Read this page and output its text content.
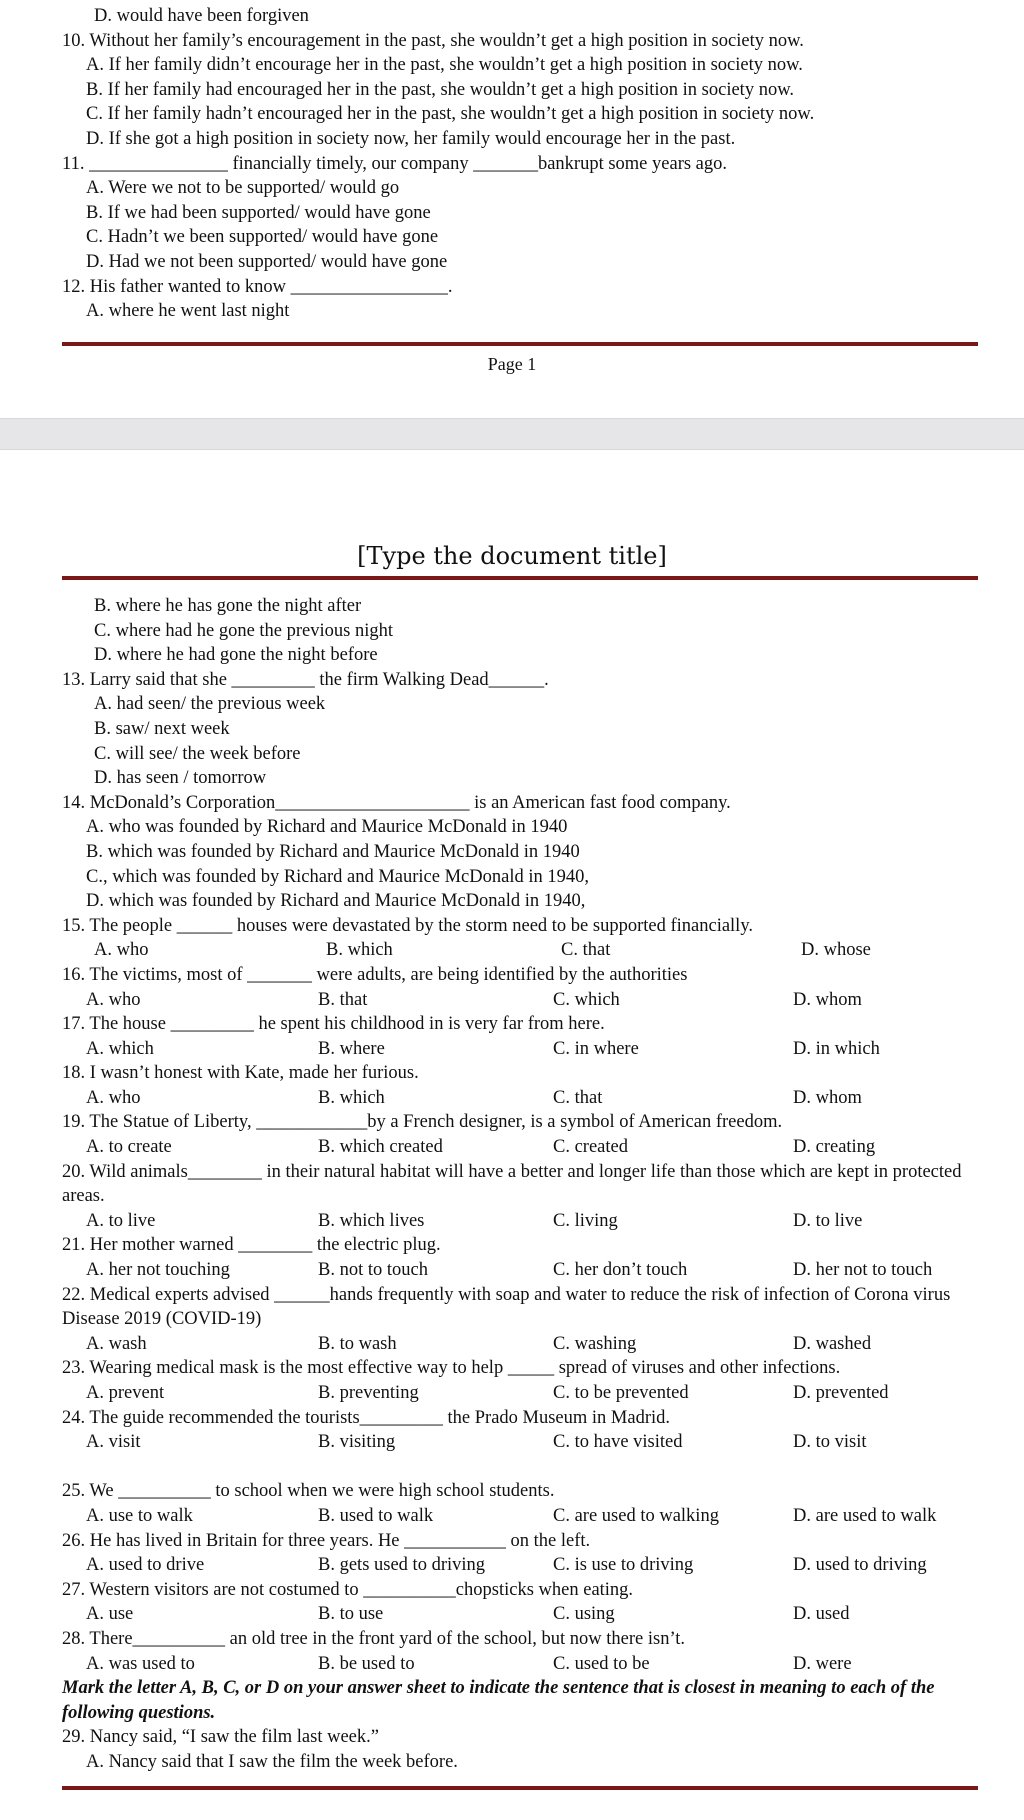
D. would have been forgiven
10. Without her family’s encouragement in the past, she wouldn’t get a high position in society now.
A. If her family didn’t encourage her in the past, she wouldn’t get a high position in society now.
B. If her family had encouraged her in the past, she wouldn’t get a high position in society now.
C. If her family hadn’t encouraged her in the past, she wouldn’t get a high position in society now.
D. If she got a high position in society now, her family would encourage her in the past.
11. _______________ financially timely, our company _______bankrupt some years ago.
A. Were we not to be supported/ would go
B. If we had been supported/ would have gone
C. Hadn’t we been supported/ would have gone
D. Had we not been supported/ would have gone
12. His father wanted to know _________________.
A. where he went last night
Page 1
[Type the document title]
B. where he has gone the night after
C. where had he gone the previous night
D. where he had gone the night before
13. Larry said that she _________ the firm Walking Dead______.
A. had seen/ the previous week
B. saw/ next week
C. will see/ the week before
D. has seen / tomorrow
14. McDonald’s Corporation_____________________ is an American fast food company.
A. who was founded by Richard and Maurice McDonald in 1940
B. which was founded by Richard and Maurice McDonald in 1940
C., which was founded by Richard and Maurice McDonald in 1940,
D. which was founded by Richard and Maurice McDonald in 1940,
15. The people ______ houses were devastated by the storm need to be supported financially.
A. who	B. which	C. that	D. whose
16. The victims, most of _______ were adults, are being identified by the authorities
A. who	B. that	C. which	D. whom
17. The house _________ he spent his childhood in is very far from here.
A. which	B. where	C. in where	D. in which
18. I wasn’t honest with Kate, made her furious.
A. who	B. which	C. that	D. whom
19. The Statue of Liberty, ____________by a French designer, is a symbol of American freedom.
A. to create	B. which created	C. created	D. creating
20. Wild animals________ in their natural habitat will have a better and longer life than those which are kept in protected areas.
A. to live	B. which lives	C. living	D. to live
21. Her mother warned ________ the electric plug.
A. her not touching	B. not to touch	C. her don’t touch	D. her not to touch
22. Medical experts advised ______hands frequently with soap and water to reduce the risk of infection of Corona virus Disease 2019 (COVID-19)
A. wash	B. to wash	C. washing	D. washed
23. Wearing medical mask is the most effective way to help _____ spread of viruses and other infections.
A. prevent	B. preventing	C. to be prevented	D. prevented
24. The guide recommended the tourists_________ the Prado Museum in Madrid.
A. visit	B. visiting	C. to have visited	D. to visit
25. We __________ to school when we were high school students.
A. use to walk	B. used to walk	C. are used to walking	D. are used to walk
26. He has lived in Britain for three years. He ___________ on the left.
A. used to drive	B. gets used to driving	C. is use to driving	D. used to driving
27. Western visitors are not costumed to __________chopsticks when eating.
A. use	B. to use	C. using	D. used
28. There__________ an old tree in the front yard of the school, but now there isn’t.
A. was used to	B. be used to	C. used to be	D. were
Mark the letter A, B, C, or D on your answer sheet to indicate the sentence that is closest in meaning to each of the following questions.
29. Nancy said, “I saw the film last week.”
A. Nancy said that I saw the film the week before.
